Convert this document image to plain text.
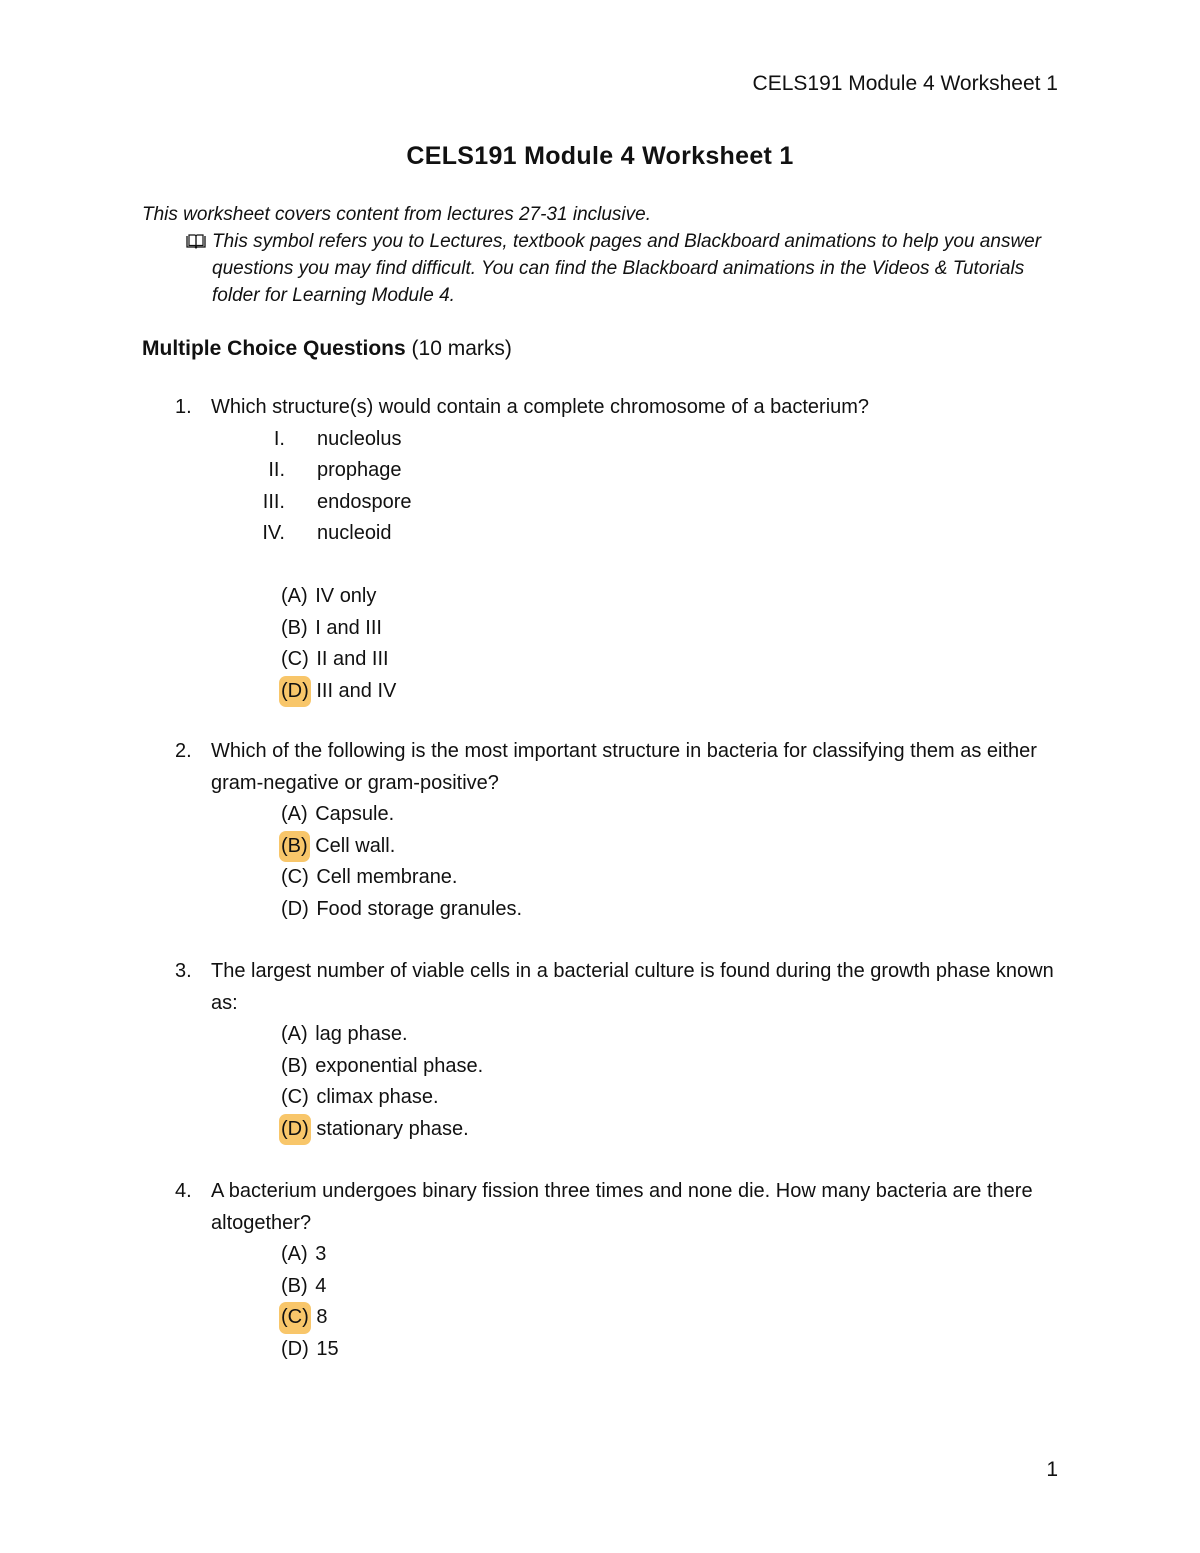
CELS191 Module 4 Worksheet 1
CELS191 Module 4 Worksheet 1
This worksheet covers content from lectures 27-31 inclusive.
This symbol refers you to Lectures, textbook pages and Blackboard animations to help you answer questions you may find difficult. You can find the Blackboard animations in the Videos & Tutorials folder for Learning Module 4.
Multiple Choice Questions (10 marks)
1. Which structure(s) would contain a complete chromosome of a bacterium?
I. nucleolus
II. prophage
III. endospore
IV. nucleoid
(A) IV only
(B) I and III
(C) II and III
(D) III and IV
2. Which of the following is the most important structure in bacteria for classifying them as either gram-negative or gram-positive?
(A) Capsule.
(B) Cell wall.
(C) Cell membrane.
(D) Food storage granules.
3. The largest number of viable cells in a bacterial culture is found during the growth phase known as:
(A) lag phase.
(B) exponential phase.
(C) climax phase.
(D) stationary phase.
4. A bacterium undergoes binary fission three times and none die. How many bacteria are there altogether?
(A) 3
(B) 4
(C) 8
(D) 15
1
